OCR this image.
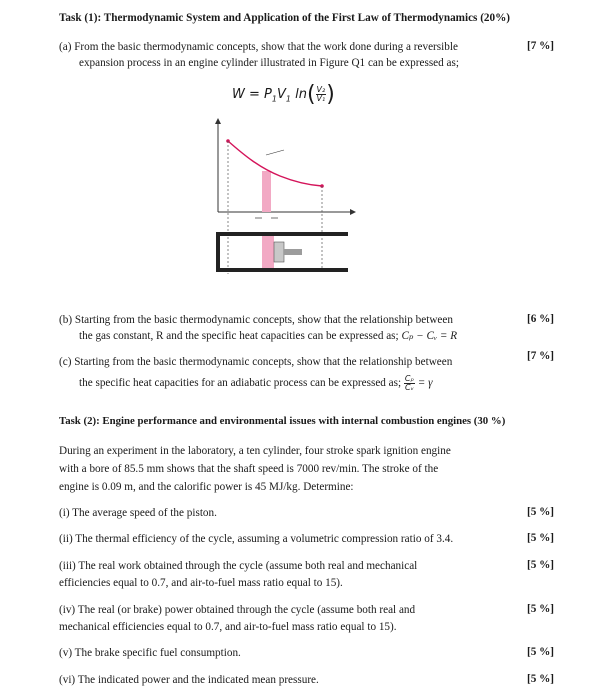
Task (1): Thermodynamic System and Application of the First Law of Thermodynamics (20%)
(a) From the basic thermodynamic concepts, show that the work done during a reversible	[7 %]
expansion process in an engine cylinder illustrated in Figure Q1 can be expressed as;
$W = P_1V_1$ $\ln( \frac{\text{V₂}}{\text{V₁}}$ )
(b) Starting from the basic thermodynamic concepts, show that the relationship between	[6 %]
the gas constant, R and the specific heat capacities can be expressed as; Cₚ − Cᵥ = R
(c) Starting from the basic thermodynamic concepts, show that the relationship between	[7 %]
the specific heat capacities for an adiabatic process can be expressed as; $\frac{\text{Cₚ}}{\text{Cᵥ}} = \gamma$
Task (2): Engine performance and environmental issues with internal combustion engines (30 %)
During an experiment in the laboratory, a ten cylinder, four stroke spark ignition engine
with a bore of 85.5 mm shows that the shaft speed is 7000 rev/min. The stroke of the
engine is 0.09 m, and the calorific power is 45 MJ/kg. Determine:
(i) The average speed of the piston.	[5 %]
(ii) The thermal efficiency of the cycle, assuming a volumetric compression ratio of 3.4.	[5 %]
(iii) The real work obtained through the cycle (assume both real and mechanical	[5 %]
efficiencies equal to 0.7, and air-to-fuel mass ratio equal to 15).
(iv) The real (or brake) power obtained through the cycle (assume both real and	[5 %]
mechanical efficiencies equal to 0.7, and air-to-fuel mass ratio equal to 15).
(v) The brake specific fuel consumption.	[5 %]
(vi) The indicated power and the indicated mean pressure.	[5 %]
